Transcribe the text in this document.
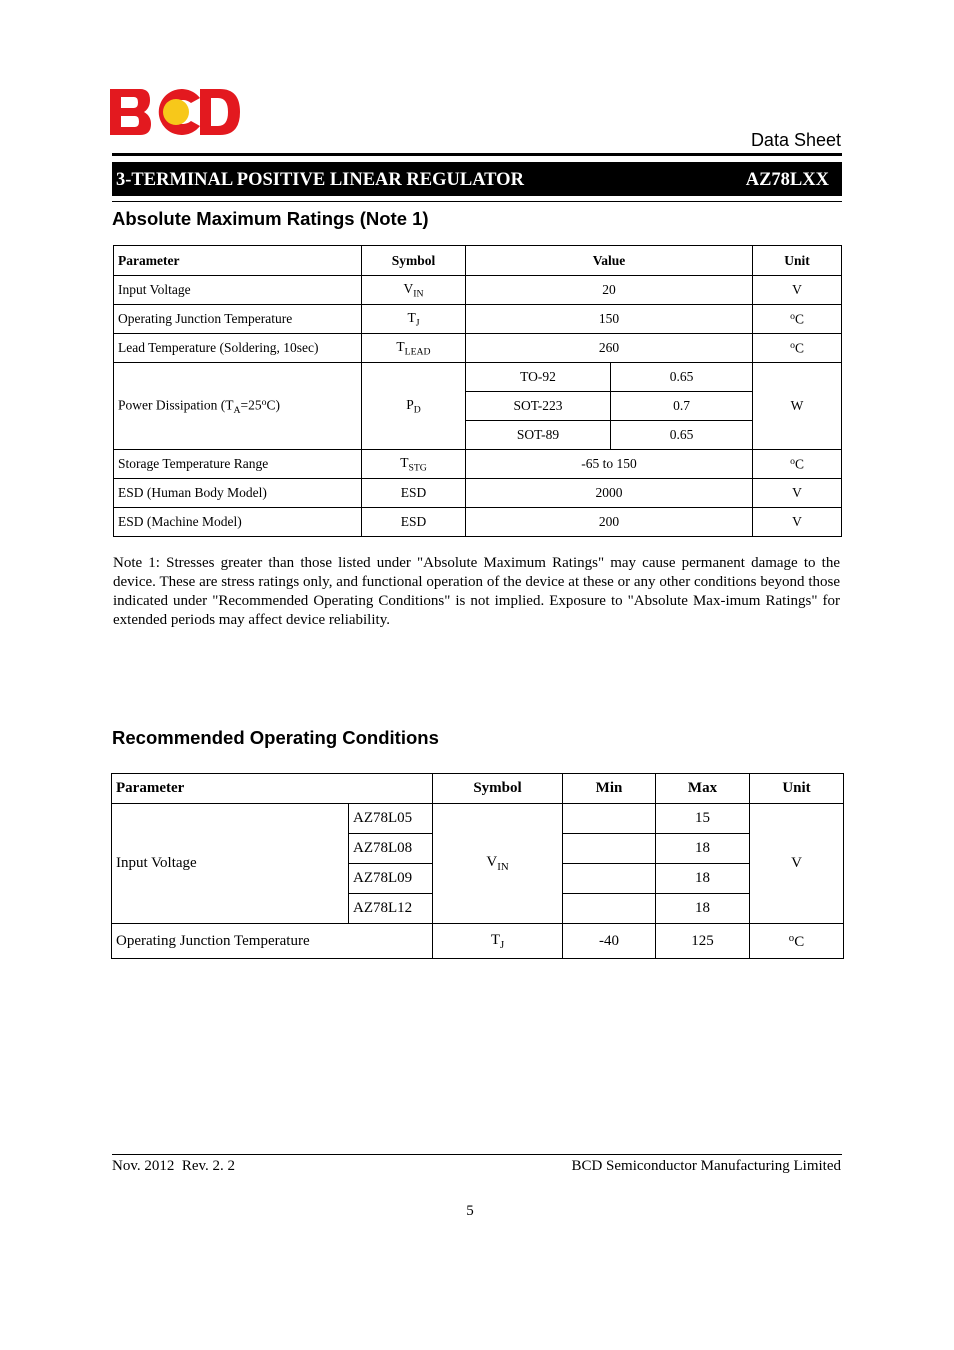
Data Sheet
3-TERMINAL POSITIVE LINEAR REGULATOR	AZ78LXX
Absolute Maximum Ratings (Note 1)
Parameter	Symbol	Value		Unit
Input Voltage	$V_{IN}$	20		V
Operating Junction Temperature	$T_J$	150		$^o$C
Lead Temperature (Soldering, 10sec)	$T_{LEAD}$	260		$^o$C
Power Dissipation $(T_A=25^oC)$	$P_D$	TO-92	0.65	W
		SOT-223	0.7	
		SOT-89	0.65	
Storage Temperature Range	$T_{STG}$	-65 to 150		$^o$C
ESD (Human Body Model)	ESD	2000		V
ESD (Machine Model)	ESD	200		V
Note 1: Stresses greater than those listed under "Absolute Maximum Ratings" may cause permanent damage to the device. These are stress ratings only, and functional operation of the device at these or any other conditions beyond those indicated under "Recommended Operating Conditions" is not implied. Exposure to "Absolute Max-imum Ratings" for extended periods may affect device reliability.
Recommended Operating Conditions
Parameter		Symbol	Min	Max	Unit
Input Voltage	AZ78L05	$V_{IN}$		15	V
	AZ78L08			18	
	AZ78L09			18	
	AZ78L12			18	
Operating Junction Temperature		$T_J$	-40	125	$^o$C
Nov. 2012  Rev. 2. 2	BCD Semiconductor Manufacturing Limited
5
